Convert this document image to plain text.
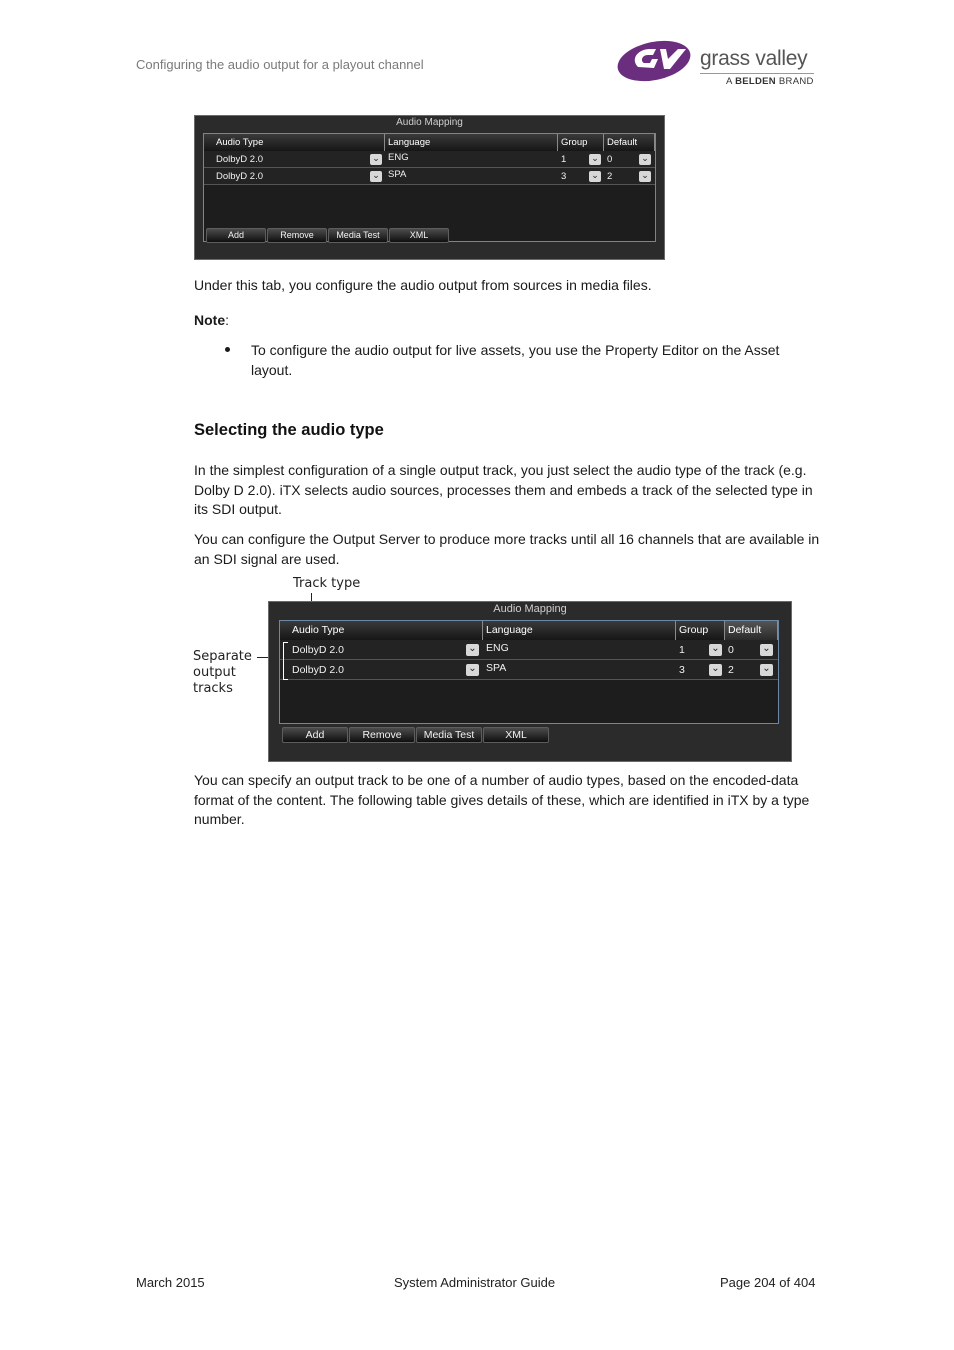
Configuring the audio output for a playout channel	grass valley
A BELDEN BRAND
Audio Mapping
Audio Type	Language	Group	Default
DolbyD 2.0	⌄ ENG	1	⌄ 0	⌄
DolbyD 2.0	⌄ SPA	3	⌄ 2	⌄
Add	Remove	Media Test	XML
Under this tab, you configure the audio output from sources in media files.
Note:
To configure the audio output for live assets, you use the Property Editor on the Asset layout.
Selecting the audio type
In the simplest configuration of a single output track, you just select the audio type of the track (e.g. Dolby D 2.0). iTX selects audio sources, processes them and embeds a track of the selected type in its SDI output.
You can configure the Output Server to produce more tracks until all 16 channels that are available in an SDI signal are used.
Track type
Separate
output
tracks
Audio Mapping
Audio Type	Language	Group	Default
DolbyD 2.0	⌄ ENG	1	⌄ 0	⌄
DolbyD 2.0	⌄ SPA	3	⌄ 2	⌄
Add	Remove	Media Test	XML
You can specify an output track to be one of a number of audio types, based on the encoded-data format of the content. The following table gives details of these, which are identified in iTX by a type number.
March 2015	System Administrator Guide	Page 204 of 404
